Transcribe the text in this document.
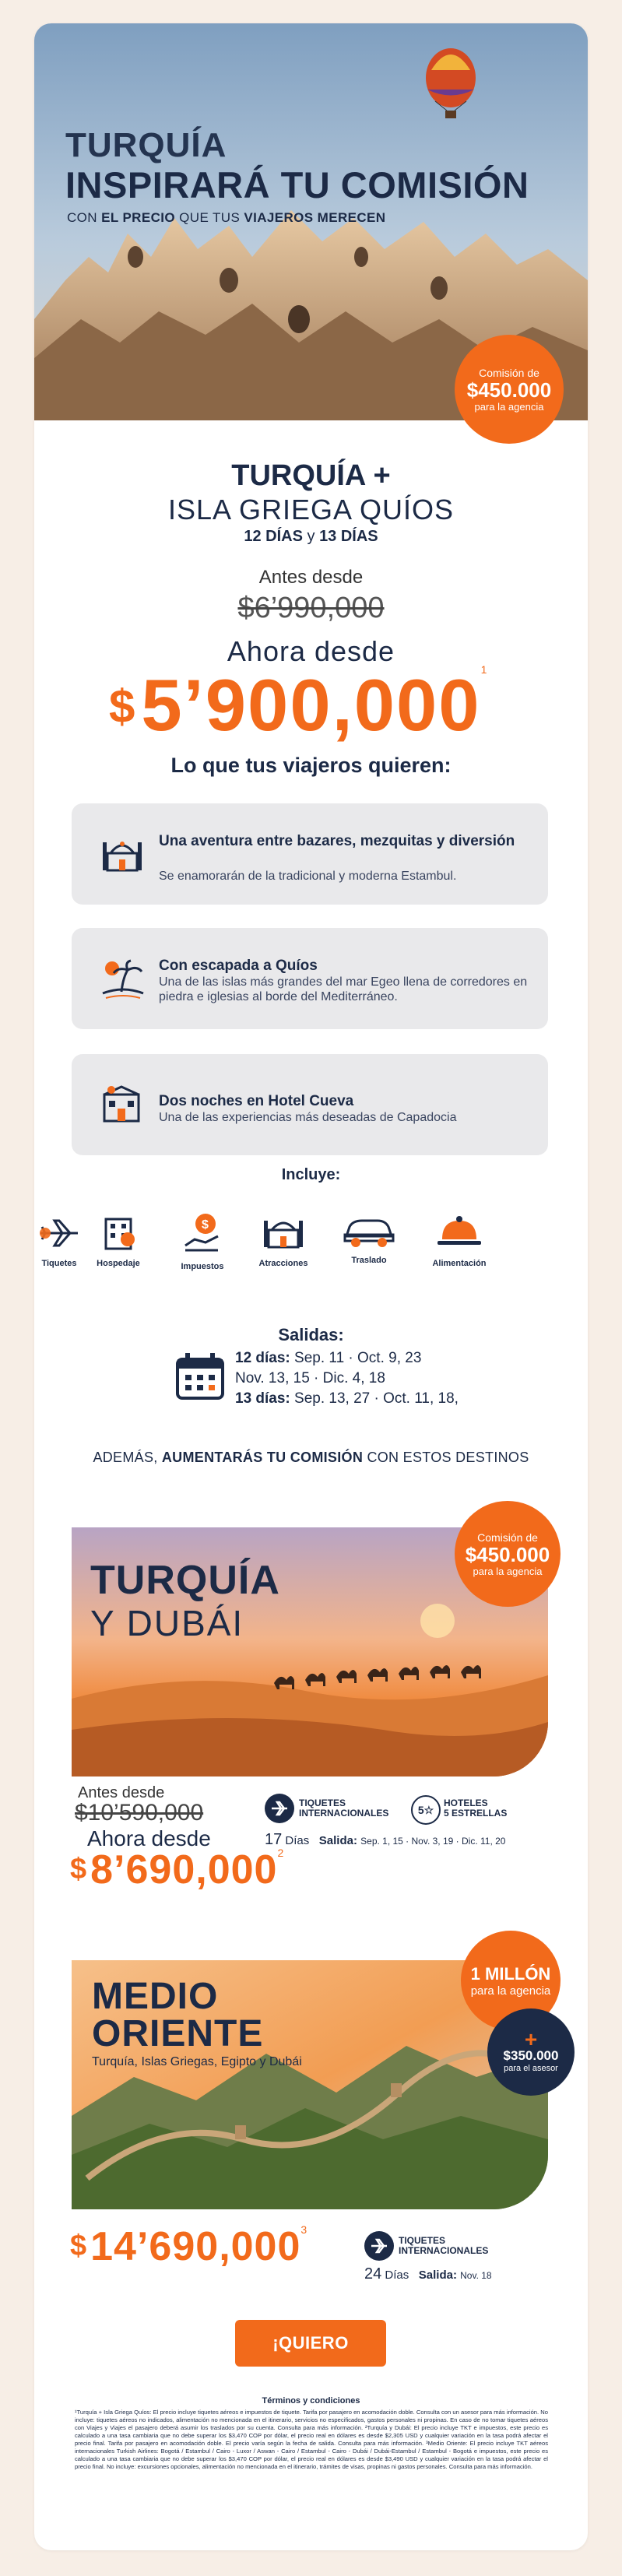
TURQUÍA
INSPIRARÁ TU COMISIÓN
CON EL PRECIO QUE TUS VIAJEROS MERECEN
Comisión de
$450.000
para la agencia
TURQUÍA +
ISLA GRIEGA QUÍOS
12 DÍAS y 13 DÍAS
Antes desde
$6’990,000
Ahora desde
$5’900,000$^1$
Lo que tus viajeros quieren:
Una aventura entre bazares, mezquitas y diversión
Se enamorarán de la tradicional y moderna Estambul.
Con escapada a Quíos
Una de las islas más grandes del mar Egeo llena de corredores en piedra e iglesias al borde del Mediterráneo.
Dos noches en Hotel Cueva
Una de las experiencias más deseadas de Capadocia
Incluye:
Tiquetes	Hospedaje
$
Impuestos	Atracciones	Traslado	Alimentación
Salidas:
12 días: Sep. 11 · Oct. 9, 23
Nov. 13, 15 · Dic. 4, 18
13 días: Sep. 13, 27 · Oct. 11, 18,
ADEMÁS, AUMENTARÁS TU COMISIÓN CON ESTOS DESTINOS
TURQUÍA
Y DUBÁI
Comisión de
$450.000
para la agencia
Antes desde
$10’590,000
Ahora desde
$8’690,000$^2$
TIQUETES
INTERNACIONALES	5☆
HOTELES
5 ESTRELLAS
17 Días Salida: Sep. 1, 15 · Nov. 3, 19 · Dic. 11, 20
MEDIO
ORIENTE
Turquía, Islas Griegas, Egipto y Dubái
1 MILLÓN
para la agencia
+
$350.000
para el asesor
$14’690,000$^3$
TIQUETES
INTERNACIONALES
24 Días Salida: Nov. 18
¡QUIERO VENDER!
Términos y condiciones
¹Turquía + Isla Griega Quíos: El precio incluye tiquetes aéreos e impuestos de tiquete. Tarifa por pasajero en acomodación doble. Consulta con un asesor para más información. No incluye: tiquetes aéreos no indicados, alimentación no mencionada en el itinerario, servicios no especificados, gastos personales ni propinas. En caso de no tomar tiquetes aéreos con Viajes y Viajes el pasajero deberá asumir los traslados por su cuenta. Consulta para más información. ²Turquía y Dubái: El precio incluye TKT e impuestos, este precio es calculado a una tasa cambiaria que no debe superar los $3,470 COP por dólar, el precio real en dólares es desde $2,305 USD y cualquier variación en la tasa podrá afectar el precio final. Tarifa por pasajero en acomodación doble. El precio varía según la fecha de salida. Consulta para más información. ³Medio Oriente: El precio incluye TKT aéreos internacionales Turkish Airlines: Bogotá / Estambul / Cairo - Luxor / Aswan - Cairo / Estambul - Cairo - Dubái / Dubái-Estambul / Estambul - Bogotá e impuestos, este precio es calculado a una tasa cambiaria que no debe superar los $3,470 COP por dólar, el precio real en dólares es desde $3,490 USD y cualquier variación en la tasa podrá afectar el precio final. No incluye: excursiones opcionales, alimentación no mencionada en el itinerario, trámites de visas, propinas ni gastos personales. Consulta para más información.
